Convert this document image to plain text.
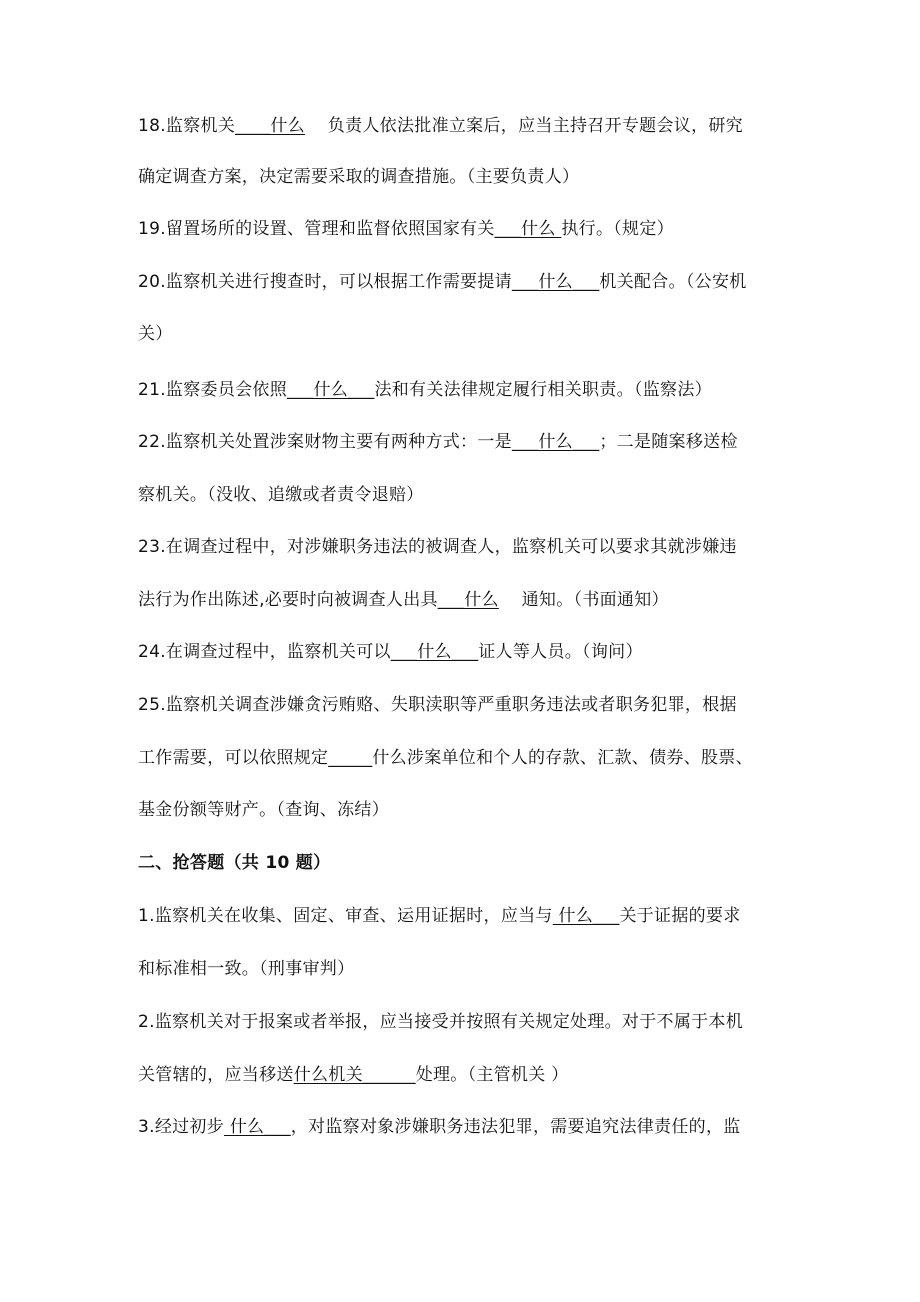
18.监察机关____什么    负责人依法批准立案后，应当主持召开专题会议，研究
确定调查方案，决定需要采取的调查措施。（主要负责人）
19.留置场所的设置、管理和监督依照国家有关___什么 执行。（规定）
20.监察机关进行搜查时，可以根据工作需要提请___什么___机关配合。（公安机
关）
21.监察委员会依照___什么___法和有关法律规定履行相关职责。（监察法）
22.监察机关处置涉案财物主要有两种方式：一是___什么___；二是随案移送检
察机关。（没收、追缴或者责令退赔）
23.在调查过程中，对涉嫌职务违法的被调查人，监察机关可以要求其就涉嫌违
法行为作出陈述,必要时向被调查人出具___什么    通知。（书面通知）
24.在调查过程中，监察机关可以___什么___证人等人员。（询问）
25.监察机关调查涉嫌贪污贿赂、失职渎职等严重职务违法或者职务犯罪，根据
工作需要，可以依照规定_____什么涉案单位和个人的存款、汇款、债券、股票、
基金份额等财产。（查询、冻结）
二、抢答题（共 10 题）
1.监察机关在收集、固定、审查、运用证据时，应当与 什么___关于证据的要求
和标准相一致。（刑事审判）
2.监察机关对于报案或者举报，应当接受并按照有关规定处理。对于不属于本机
关管辖的，应当移送什么机关______处理。（主管机关 ）
3.经过初步 什么___，对监察对象涉嫌职务违法犯罪，需要追究法律责任的，监
